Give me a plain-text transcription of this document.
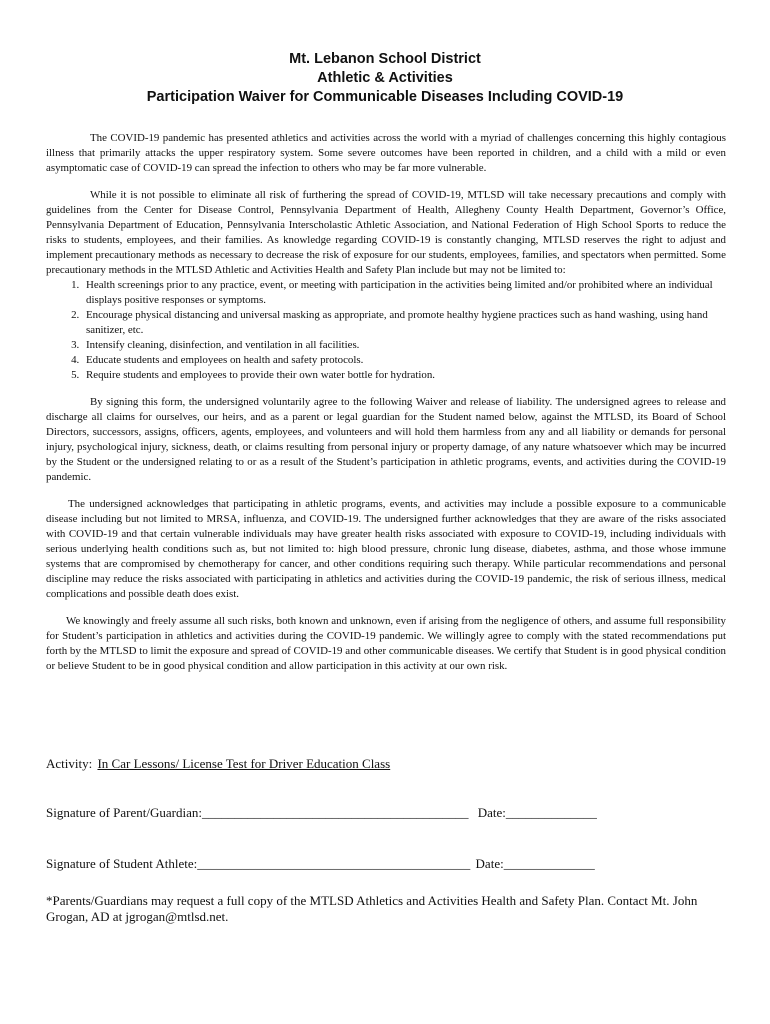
Mt. Lebanon School District
Athletic & Activities
Participation Waiver for Communicable Diseases Including COVID-19

The COVID-19 pandemic has presented athletics and activities across the world with a myriad of challenges concerning this highly contagious illness that primarily attacks the upper respiratory system. Some severe outcomes have been reported in children, and a child with a mild or even asymptomatic case of COVID-19 can spread the infection to others who may be far more vulnerable.

While it is not possible to eliminate all risk of furthering the spread of COVID-19, MTLSD will take necessary precautions and comply with guidelines from the Center for Disease Control, Pennsylvania Department of Health, Allegheny County Health Department, Governor’s Office, Pennsylvania Department of Education, Pennsylvania Interscholastic Athletic Association, and National Federation of High School Sports to reduce the risks to students, employees, and their families. As knowledge regarding COVID-19 is constantly changing, MTLSD reserves the right to adjust and implement precautionary methods as necessary to decrease the risk of exposure for our students, employees, families, and spectators when permitted. Some precautionary methods in the MTLSD Athletic and Activities Health and Safety Plan include but may not be limited to:

1. Health screenings prior to any practice, event, or meeting with participation in the activities being limited and/or prohibited where an individual displays positive responses or symptoms.
2. Encourage physical distancing and universal masking as appropriate, and promote healthy hygiene practices such as hand washing, using hand sanitizer, etc.
3. Intensify cleaning, disinfection, and ventilation in all facilities.
4. Educate students and employees on health and safety protocols.
5. Require students and employees to provide their own water bottle for hydration.

By signing this form, the undersigned voluntarily agree to the following Waiver and release of liability. The undersigned agrees to release and discharge all claims for ourselves, our heirs, and as a parent or legal guardian for the Student named below, against the MTLSD, its Board of School Directors, successors, assigns, officers, agents, employees, and volunteers and will hold them harmless from any and all liability or demands for personal injury, psychological injury, sickness, death, or claims resulting from personal injury or property damage, of any nature whatsoever which may be incurred by the Student or the undersigned relating to or as a result of the Student’s participation in athletic programs, events, and activities during the COVID-19 pandemic.

The undersigned acknowledges that participating in athletic programs, events, and activities may include a possible exposure to a communicable disease including but not limited to MRSA, influenza, and COVID-19. The undersigned further acknowledges that they are aware of the risks associated with COVID-19 and that certain vulnerable individuals may have greater health risks associated with exposure to COVID-19, including individuals with serious underlying health conditions such as, but not limited to: high blood pressure, chronic lung disease, diabetes, asthma, and those whose immune systems that are compromised by chemotherapy for cancer, and other conditions requiring such therapy. While particular recommendations and personal discipline may reduce the risks associated with participating in athletics and activities during the COVID-19 pandemic, the risk of serious illness, medical complications and possible death does exist.

We knowingly and freely assume all such risks, both known and unknown, even if arising from the negligence of others, and assume full responsibility for Student’s participation in athletics and activities during the COVID-19 pandemic. We willingly agree to comply with the stated recommendations put forth by the MTLSD to limit the exposure and spread of COVID-19 and other communicable diseases. We certify that Student is in good physical condition or believe Student to be in good physical condition and allow participation in this activity at our own risk.

Activity: In Car Lessons/ License Test for Driver Education Class
Signature of Parent/Guardian:_________________________________________ Date:______________
Signature of Student Athlete:__________________________________________ Date:______________
*Parents/Guardians may request a full copy of the MTLSD Athletics and Activities Health and Safety Plan. Contact Mt. John Grogan, AD at jgrogan@mtlsd.net.
